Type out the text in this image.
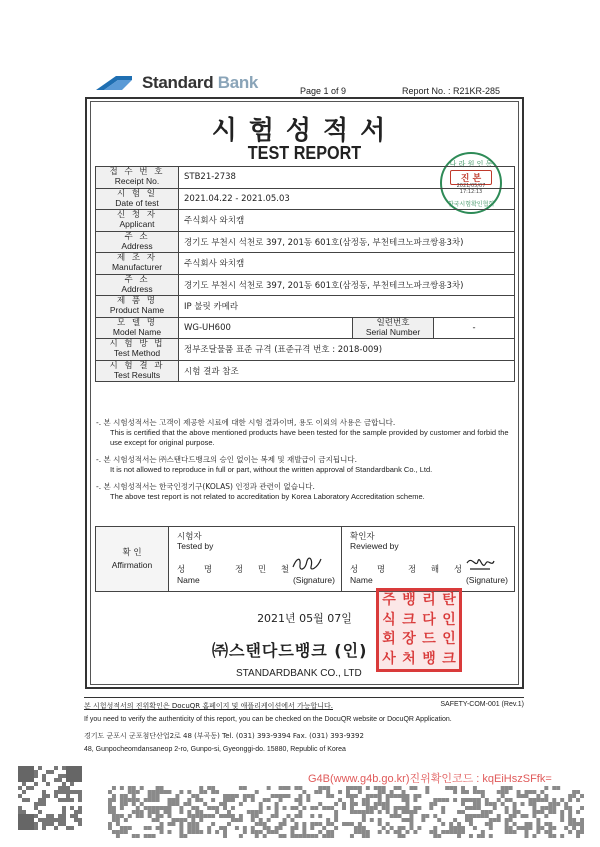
Standard Bank	Page 1 of 9	Report No. : R21KR-285
시험성적서
TEST REPORT
나 라 원 인 동
진 본
2021/05/07
17:12:13
한국시험확인협회
접 수 번 호
Receipt No.	STB21-2738		

시 험 일
Date of test	2021.04.22 - 2021.05.03		

신 청 자
Applicant	주식회사 와치캠		

주 소
Address	경기도 부천시 석천로 397, 201동 601호(삼정동, 부천테크노파크쌍용3차)		

제 조 자
Manufacturer	주식회사 와치캠		

주 소
Address	경기도 부천시 석천로 397, 201동 601호(삼정동, 부천테크노파크쌍용3차)		

제 품 명
Product Name	IP 불릿 카메라		

모 델 명
Model Name	WG-UH600	일련번호
Serial Number	-

시 험 방 법
Test Method	정부조달물품 표준 규격 (표준규격 번호 : 2018-009)		

시 험 결 과
Test Results	시험 결과 참조		

-. 본 시험성적서는 고객이 제공한 시료에 대한 시험 결과이며, 용도 이외의 사용은 금합니다.
This is certified that the above mentioned products have been tested for the sample provided by customer and forbid the use except for original purpose.

-. 본 시험성적서는 ㈜스탠다드뱅크의 승인 없이는 복제 및 재발급이 금지됩니다.
It is not allowed to reproduce in full or part, without the written approval of Standardbank Co., Ltd.

-. 본 시험성적서는 한국인정기구(KOLAS) 인정과 관련이 없습니다.
The above test report is not related to accreditation by Korea Laboratory Accreditation scheme.

확 인
Affirmation

시험자
Tested by
성 명
Name
정 민 철
(Signature)

확인자
Reviewed by
성 명
Name
정 해 성
(Signature)
2021년 05월 07일
㈜스탠다드뱅크 (인)
STANDARDBANK CO., LTD
주 뱅 리 탄
식 크 다 인
회 장 드 인
사 처 뱅 크
본 시험성적서의 진위확인은 DocuQR 홈페이지 및 애플리케이션에서 가능합니다.	SAFETY-COM-001 (Rev.1)
If you need to verify the authenticity of this report, you can be checked on the DocuQR website or DocuQR Application.
경기도 군포시 군포첨단산업2로 48 (부곡동) Tel. (031) 393-9394 Fax. (031) 393-9392
48, Gunpocheomdansaneop 2-ro, Gunpo-si, Gyeonggi-do. 15880, Republic of Korea
G4B(www.g4b.go.kr)진위확인코드 : kqEiHszSFfk=
